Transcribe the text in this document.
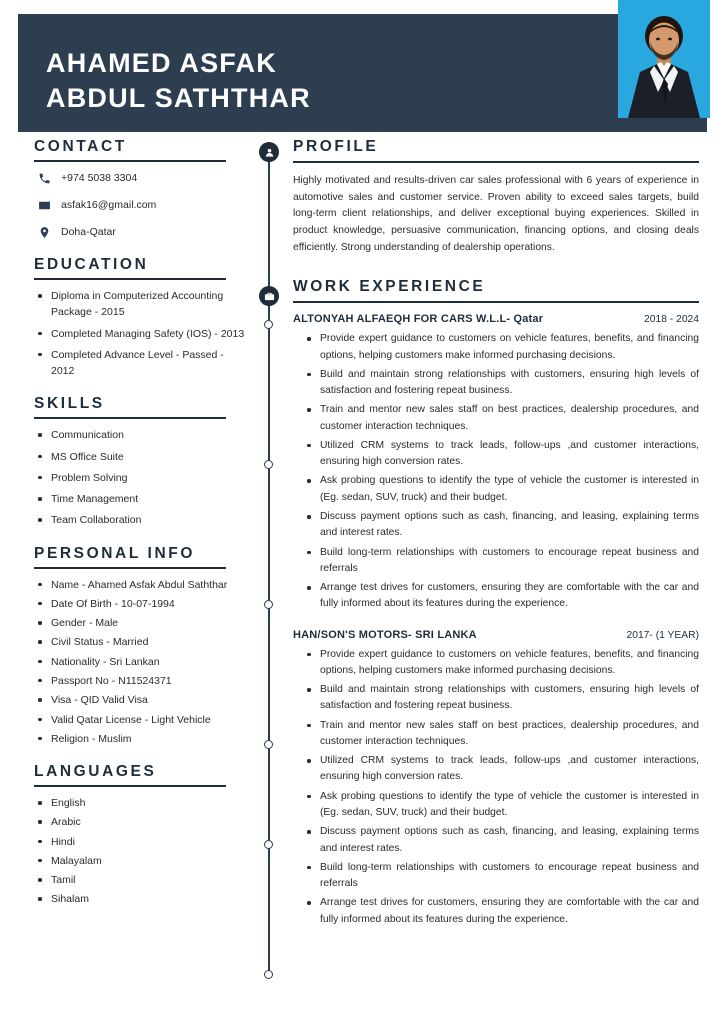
AHAMED ASFAK
ABDUL SATHTHAR
CONTACT
+974 5038 3304
asfak16@gmail.com
Doha-Qatar
EDUCATION
Diploma in Computerized Accounting Package - 2015
Completed Managing Safety (IOS) - 2013
Completed Advance Level - Passed - 2012
SKILLS
Communication
MS Office Suite
Problem Solving
Time Management
Team Collaboration
PERSONAL INFO
Name - Ahamed Asfak Abdul Saththar
Date Of Birth - 10-07-1994
Gender - Male
Civil Status - Married
Nationality - Sri Lankan
Passport No - N11524371
Visa - QID Valid Visa
Valid Qatar License - Light Vehicle
Religion - Muslim
LANGUAGES
English
Arabic
Hindi
Malayalam
Tamil
Sihalam
PROFILE

Highly motivated and results-driven car sales professional with 6 years of experience in automotive sales and customer service. Proven ability to exceed sales targets, build long-term client relationships, and deliver exceptional buying experiences. Skilled in product knowledge, persuasive communication, financing options, and closing deals efficiently. Strong understanding of dealership operations.

WORK EXPERIENCE
ALTONYAH ALFAEQH FOR CARS W.L.L- Qatar	2018 - 2024
Provide expert guidance to customers on vehicle features, benefits, and financing options, helping customers make informed purchasing decisions.
Build and maintain strong relationships with customers, ensuring high levels of satisfaction and fostering repeat business.
Train and mentor new sales staff on best practices, dealership procedures, and customer interaction techniques.
Utilized CRM systems to track leads, follow-ups ,and customer interactions, ensuring high conversion rates.
Ask probing questions to identify the type of vehicle the customer is interested in (Eg. sedan, SUV, truck) and their budget.
Discuss payment options such as cash, financing, and leasing, explaining terms and interest rates.
Build long-term relationships with customers to encourage repeat business and referrals
Arrange test drives for customers, ensuring they are comfortable with the car and fully informed about its features during the experience.
HAN/SON'S MOTORS- SRI LANKA	2017- (1 YEAR)
Provide expert guidance to customers on vehicle features, benefits, and financing options, helping customers make informed purchasing decisions.
Build and maintain strong relationships with customers, ensuring high levels of satisfaction and fostering repeat business.
Train and mentor new sales staff on best practices, dealership procedures, and customer interaction techniques.
Utilized CRM systems to track leads, follow-ups ,and customer interactions, ensuring high conversion rates.
Ask probing questions to identify the type of vehicle the customer is interested in (Eg. sedan, SUV, truck) and their budget.
Discuss payment options such as cash, financing, and leasing, explaining terms and interest rates.
Build long-term relationships with customers to encourage repeat business and referrals
Arrange test drives for customers, ensuring they are comfortable with the car and fully informed about its features during the experience.
